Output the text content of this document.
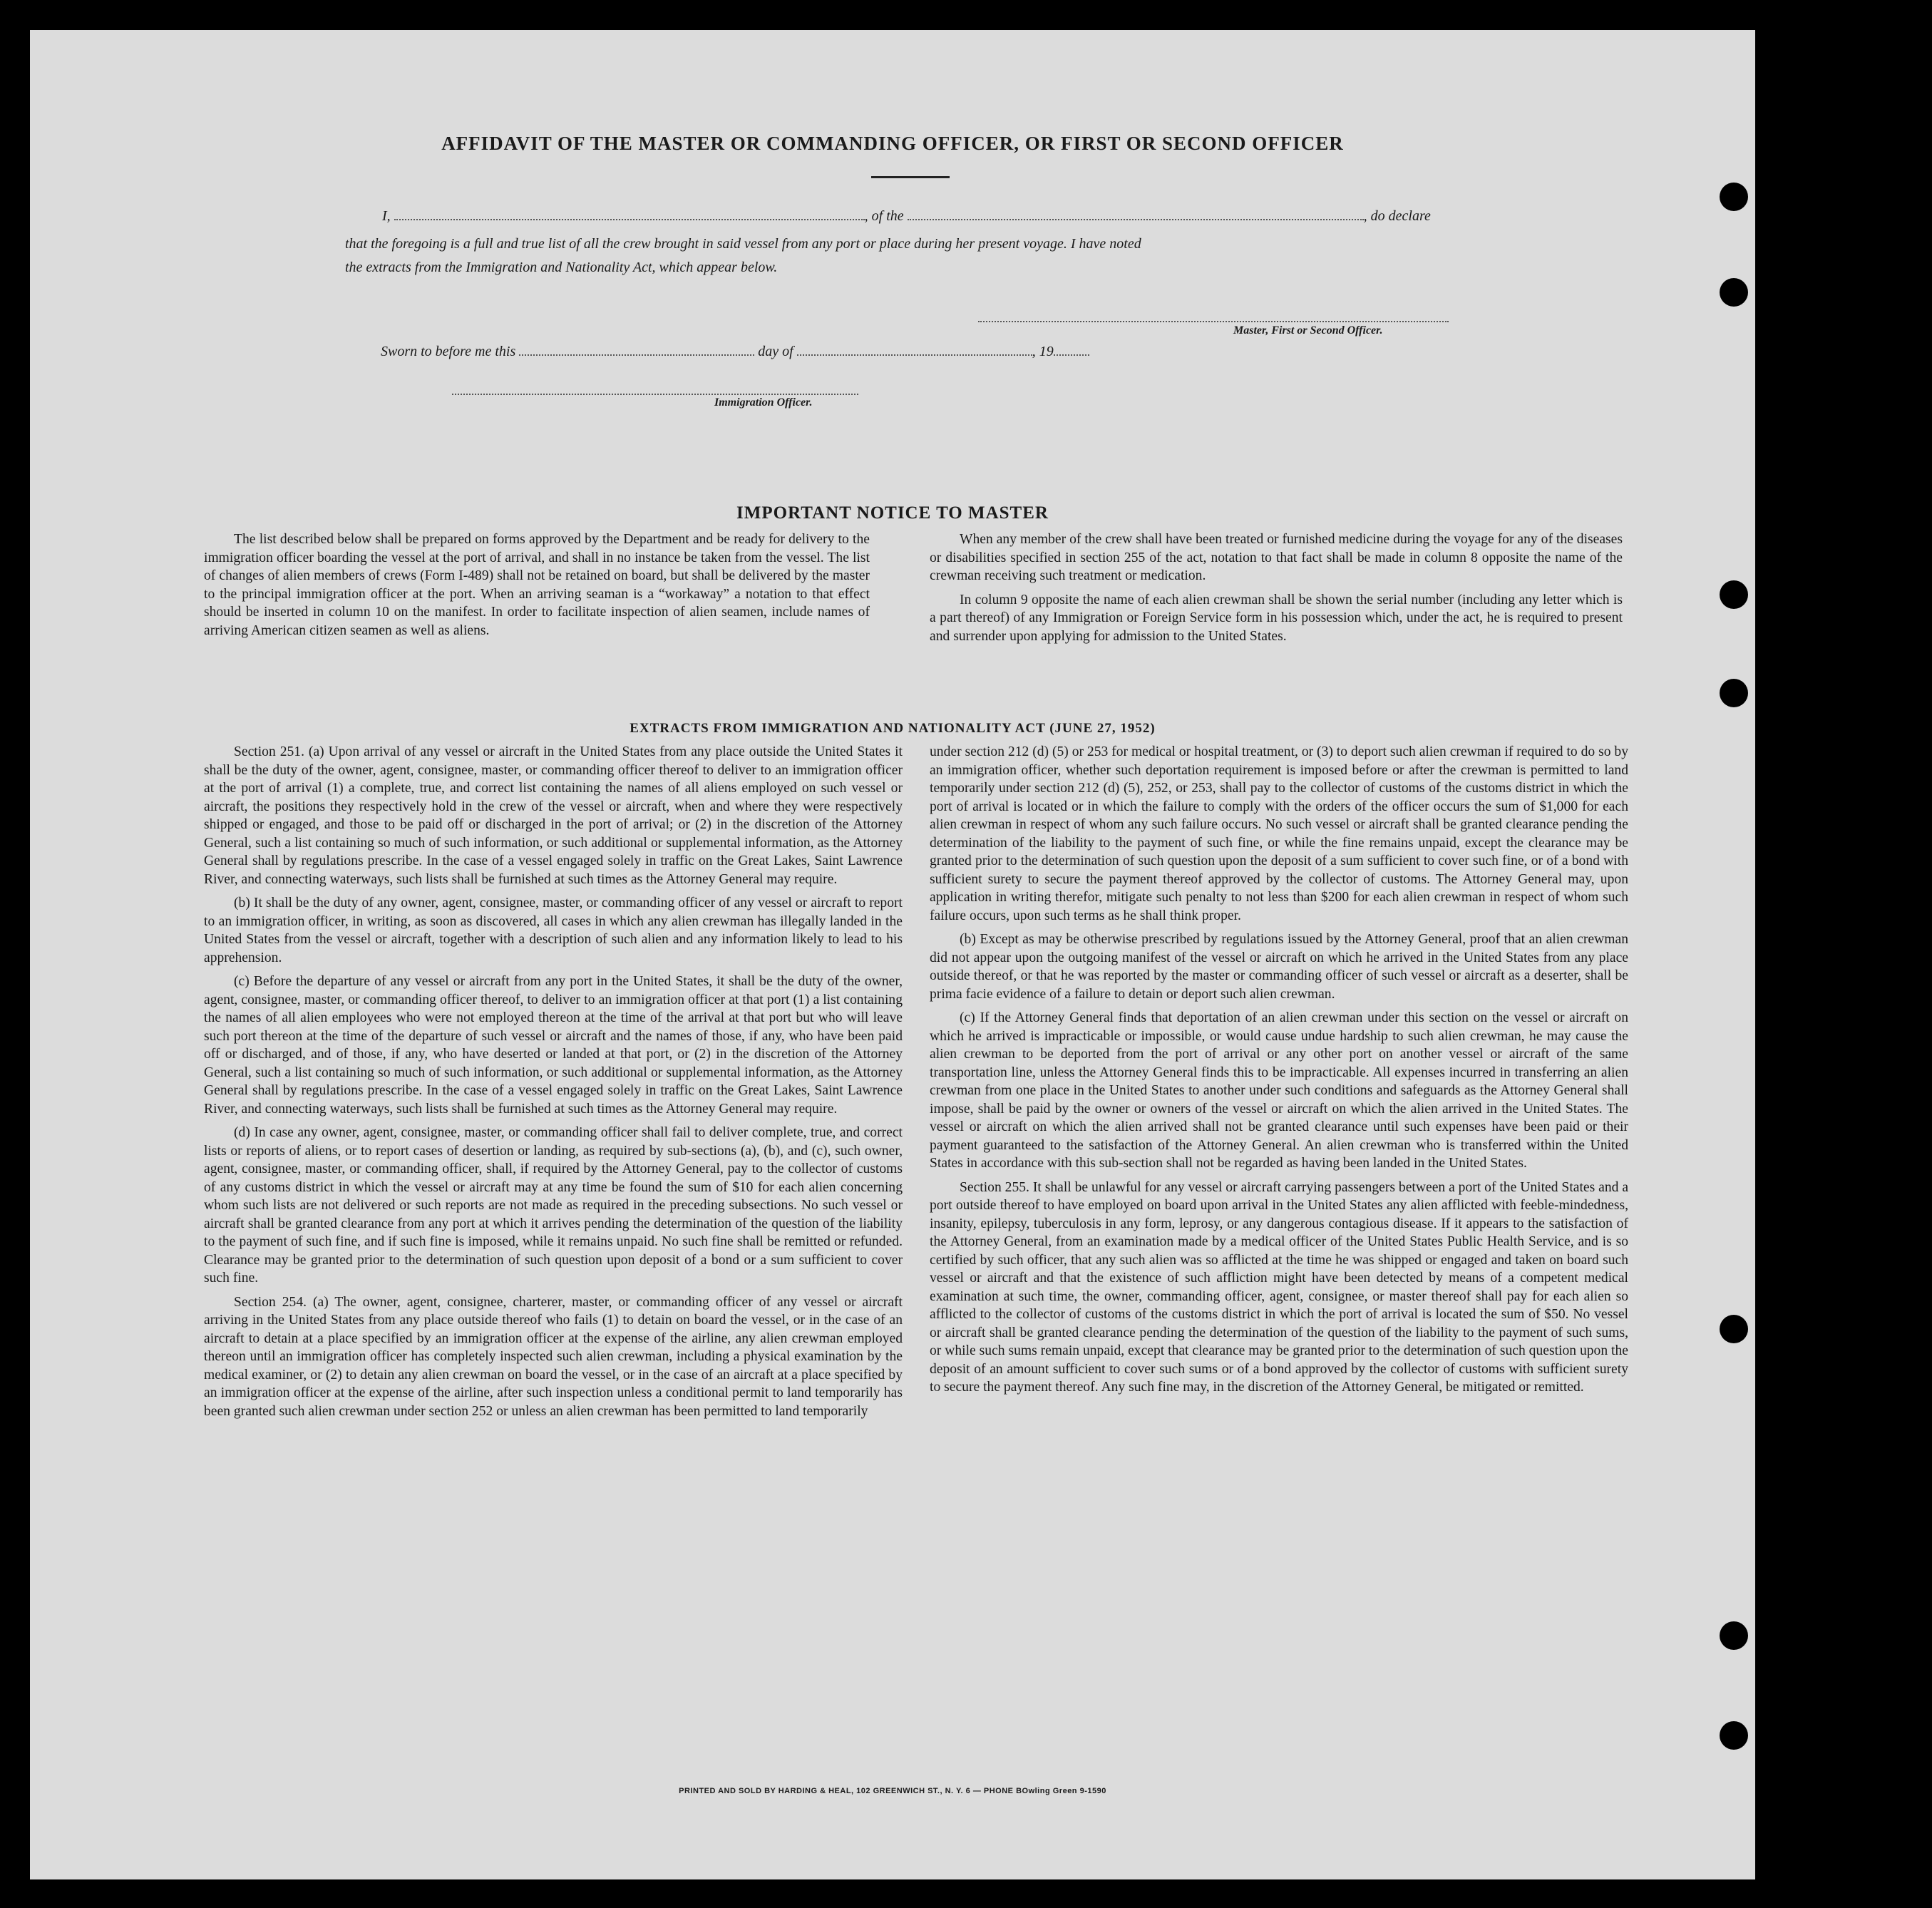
AFFIDAVIT OF THE MASTER OR COMMANDING OFFICER, OR FIRST OR SECOND OFFICER
I,	, of the	, do declare
that the foregoing is a full and true list of all the crew brought in said vessel from any port or place during her present voyage. I have noted
the extracts from the Immigration and Nationality Act, which appear below.
Master, First or Second Officer.
Sworn to before me this	day of	, 19
Immigration Officer.
IMPORTANT NOTICE TO MASTER

The list described below shall be prepared on forms approved by the Department and be ready for delivery to the immigration officer boarding the vessel at the port of arrival, and shall in no instance be taken from the vessel. The list of changes of alien members of crews (Form I-489) shall not be retained on board, but shall be delivered by the master to the principal immigration officer at the port. When an arriving seaman is a “workaway” a notation to that effect should be inserted in column 10 on the manifest. In order to facilitate inspection of alien seamen, include names of arriving American citizen seamen as well as aliens.

When any member of the crew shall have been treated or furnished medicine during the voyage for any of the diseases or disabilities specified in section 255 of the act, notation to that fact shall be made in column 8 opposite the name of the crewman receiving such treatment or medication.

In column 9 opposite the name of each alien crewman shall be shown the serial number (including any letter which is a part thereof) of any Immigration or Foreign Service form in his possession which, under the act, he is required to present and surrender upon applying for admission to the United States.

EXTRACTS FROM IMMIGRATION AND NATIONALITY ACT (JUNE 27, 1952)

Section 251. (a) Upon arrival of any vessel or aircraft in the United States from any place outside the United States it shall be the duty of the owner, agent, consignee, master, or commanding officer thereof to deliver to an immigration officer at the port of arrival (1) a complete, true, and correct list containing the names of all aliens employed on such vessel or aircraft, the positions they respectively hold in the crew of the vessel or aircraft, when and where they were respectively shipped or engaged, and those to be paid off or discharged in the port of arrival; or (2) in the discretion of the Attorney General, such a list containing so much of such information, or such additional or supplemental information, as the Attorney General shall by regulations prescribe. In the case of a vessel engaged solely in traffic on the Great Lakes, Saint Lawrence River, and connecting waterways, such lists shall be furnished at such times as the Attorney General may require.

(b) It shall be the duty of any owner, agent, consignee, master, or commanding officer of any vessel or aircraft to report to an immigration officer, in writing, as soon as discovered, all cases in which any alien crewman has illegally landed in the United States from the vessel or aircraft, together with a description of such alien and any information likely to lead to his apprehension.

(c) Before the departure of any vessel or aircraft from any port in the United States, it shall be the duty of the owner, agent, consignee, master, or commanding officer thereof, to deliver to an immigration officer at that port (1) a list containing the names of all alien employees who were not employed thereon at the time of the arrival at that port but who will leave such port thereon at the time of the departure of such vessel or aircraft and the names of those, if any, who have been paid off or discharged, and of those, if any, who have deserted or landed at that port, or (2) in the discretion of the Attorney General, such a list containing so much of such information, or such additional or supplemental information, as the Attorney General shall by regulations prescribe. In the case of a vessel engaged solely in traffic on the Great Lakes, Saint Lawrence River, and connecting waterways, such lists shall be furnished at such times as the Attorney General may require.

(d) In case any owner, agent, consignee, master, or commanding officer shall fail to deliver complete, true, and correct lists or reports of aliens, or to report cases of desertion or landing, as required by sub-sections (a), (b), and (c), such owner, agent, consignee, master, or commanding officer, shall, if required by the Attorney General, pay to the collector of customs of any customs district in which the vessel or aircraft may at any time be found the sum of $10 for each alien concerning whom such lists are not delivered or such reports are not made as required in the preceding subsections. No such vessel or aircraft shall be granted clearance from any port at which it arrives pending the determination of the question of the liability to the payment of such fine, and if such fine is imposed, while it remains unpaid. No such fine shall be remitted or refunded. Clearance may be granted prior to the determination of such question upon deposit of a bond or a sum sufficient to cover such fine.

Section 254. (a) The owner, agent, consignee, charterer, master, or commanding officer of any vessel or aircraft arriving in the United States from any place outside thereof who fails (1) to detain on board the vessel, or in the case of an aircraft to detain at a place specified by an immigration officer at the expense of the airline, any alien crewman employed thereon until an immigration officer has completely inspected such alien crewman, including a physical examination by the medical examiner, or (2) to detain any alien crewman on board the vessel, or in the case of an aircraft at a place specified by an immigration officer at the expense of the airline, after such inspection unless a conditional permit to land temporarily has been granted such alien crewman under section 252 or unless an alien crewman has been permitted to land temporarily

under section 212 (d) (5) or 253 for medical or hospital treatment, or (3) to deport such alien crewman if required to do so by an immigration officer, whether such deportation requirement is imposed before or after the crewman is permitted to land temporarily under section 212 (d) (5), 252, or 253, shall pay to the collector of customs of the customs district in which the port of arrival is located or in which the failure to comply with the orders of the officer occurs the sum of $1,000 for each alien crewman in respect of whom any such failure occurs. No such vessel or aircraft shall be granted clearance pending the determination of the liability to the payment of such fine, or while the fine remains unpaid, except the clearance may be granted prior to the determination of such question upon the deposit of a sum sufficient to cover such fine, or of a bond with sufficient surety to secure the payment thereof approved by the collector of customs. The Attorney General may, upon application in writing therefor, mitigate such penalty to not less than $200 for each alien crewman in respect of whom such failure occurs, upon such terms as he shall think proper.

(b) Except as may be otherwise prescribed by regulations issued by the Attorney General, proof that an alien crewman did not appear upon the outgoing manifest of the vessel or aircraft on which he arrived in the United States from any place outside thereof, or that he was reported by the master or commanding officer of such vessel or aircraft as a deserter, shall be prima facie evidence of a failure to detain or deport such alien crewman.

(c) If the Attorney General finds that deportation of an alien crewman under this section on the vessel or aircraft on which he arrived is impracticable or impossible, or would cause undue hardship to such alien crewman, he may cause the alien crewman to be deported from the port of arrival or any other port on another vessel or aircraft of the same transportation line, unless the Attorney General finds this to be impracticable. All expenses incurred in transferring an alien crewman from one place in the United States to another under such conditions and safeguards as the Attorney General shall impose, shall be paid by the owner or owners of the vessel or aircraft on which the alien arrived in the United States. The vessel or aircraft on which the alien arrived shall not be granted clearance until such expenses have been paid or their payment guaranteed to the satisfaction of the Attorney General. An alien crewman who is transferred within the United States in accordance with this sub-section shall not be regarded as having been landed in the United States.

Section 255. It shall be unlawful for any vessel or aircraft carrying passengers between a port of the United States and a port outside thereof to have employed on board upon arrival in the United States any alien afflicted with feeble-mindedness, insanity, epilepsy, tuberculosis in any form, leprosy, or any dangerous contagious disease. If it appears to the satisfaction of the Attorney General, from an examination made by a medical officer of the United States Public Health Service, and is so certified by such officer, that any such alien was so afflicted at the time he was shipped or engaged and taken on board such vessel or aircraft and that the existence of such affliction might have been detected by means of a competent medical examination at such time, the owner, commanding officer, agent, consignee, or master thereof shall pay for each alien so afflicted to the collector of customs of the customs district in which the port of arrival is located the sum of $50. No vessel or aircraft shall be granted clearance pending the determination of the question of the liability to the payment of such sums, or while such sums remain unpaid, except that clearance may be granted prior to the determination of such question upon the deposit of an amount sufficient to cover such sums or of a bond approved by the collector of customs with sufficient surety to secure the payment thereof. Any such fine may, in the discretion of the Attorney General, be mitigated or remitted.

PRINTED AND SOLD BY HARDING & HEAL, 102 GREENWICH ST., N. Y. 6 — PHONE BOwling Green 9-1590
